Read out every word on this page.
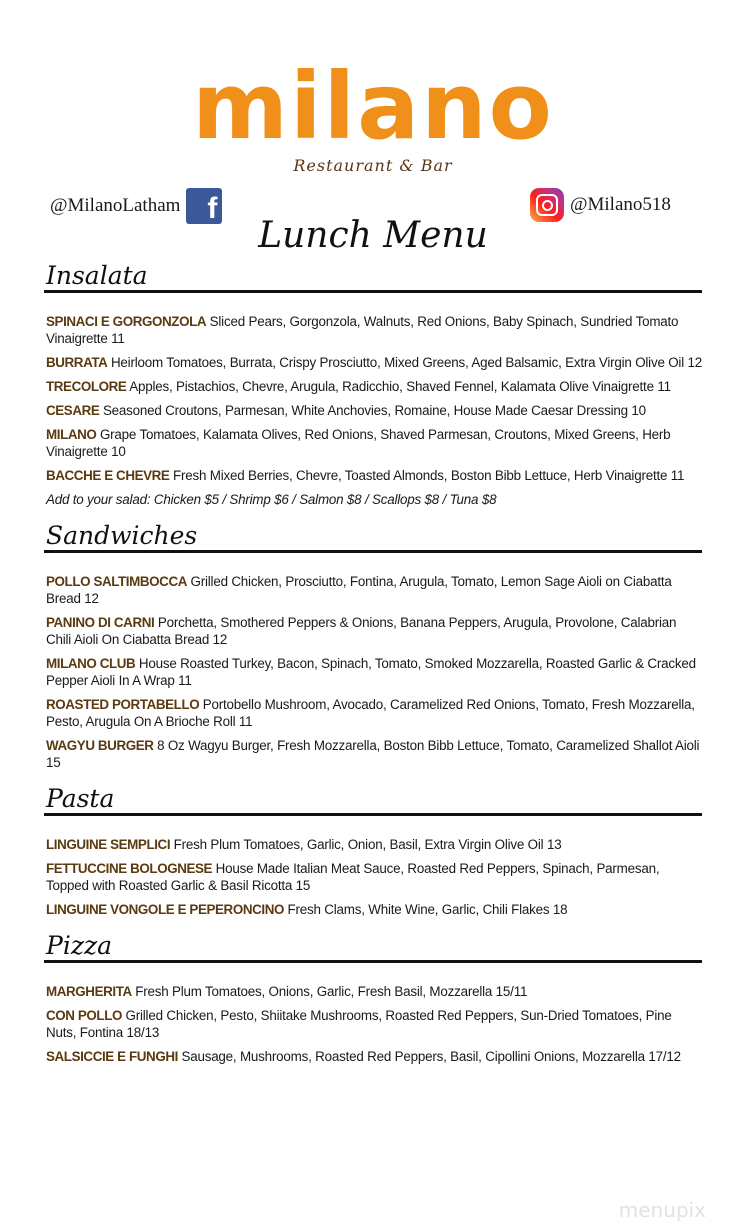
milano
Restaurant & Bar
@MilanoLatham f	@Milano518
Lunch Menu
Insalata
SPINACI E GORGONZOLA Sliced Pears, Gorgonzola, Walnuts, Red Onions, Baby Spinach, Sundried Tomato Vinaigrette 11
BURRATA Heirloom Tomatoes, Burrata, Crispy Prosciutto, Mixed Greens, Aged Balsamic, Extra Virgin Olive Oil 12
TRECOLORE Apples, Pistachios, Chevre, Arugula, Radicchio, Shaved Fennel, Kalamata Olive Vinaigrette 11
CESARE Seasoned Croutons, Parmesan, White Anchovies, Romaine, House Made Caesar Dressing 10
MILANO Grape Tomatoes, Kalamata Olives, Red Onions, Shaved Parmesan, Croutons, Mixed Greens, Herb Vinaigrette 10
BACCHE E CHEVRE Fresh Mixed Berries, Chevre, Toasted Almonds, Boston Bibb Lettuce, Herb Vinaigrette 11
Add to your salad: Chicken $5 / Shrimp $6 / Salmon $8 / Scallops $8 / Tuna $8
Sandwiches
POLLO SALTIMBOCCA Grilled Chicken, Prosciutto, Fontina, Arugula, Tomato, Lemon Sage Aioli on Ciabatta Bread 12
PANINO DI CARNI Porchetta, Smothered Peppers & Onions, Banana Peppers, Arugula, Provolone, Calabrian Chili Aioli On Ciabatta Bread 12
MILANO CLUB House Roasted Turkey, Bacon, Spinach, Tomato, Smoked Mozzarella, Roasted Garlic & Cracked Pepper Aioli In A Wrap 11
ROASTED PORTABELLO Portobello Mushroom, Avocado, Caramelized Red Onions, Tomato, Fresh Mozzarella, Pesto, Arugula On A Brioche Roll 11
WAGYU BURGER 8 Oz Wagyu Burger, Fresh Mozzarella, Boston Bibb Lettuce, Tomato, Caramelized Shallot Aioli 15
Pasta
LINGUINE SEMPLICI Fresh Plum Tomatoes, Garlic, Onion, Basil, Extra Virgin Olive Oil 13
FETTUCCINE BOLOGNESE House Made Italian Meat Sauce, Roasted Red Peppers, Spinach, Parmesan, Topped with Roasted Garlic & Basil Ricotta 15
LINGUINE VONGOLE E PEPERONCINO Fresh Clams, White Wine, Garlic, Chili Flakes 18
Pizza
MARGHERITA Fresh Plum Tomatoes, Onions, Garlic, Fresh Basil, Mozzarella 15/11
CON POLLO Grilled Chicken, Pesto, Shiitake Mushrooms, Roasted Red Peppers, Sun-Dried Tomatoes, Pine Nuts, Fontina 18/13
SALSICCIE E FUNGHI Sausage, Mushrooms, Roasted Red Peppers, Basil, Cipollini Onions, Mozzarella 17/12
menupix
